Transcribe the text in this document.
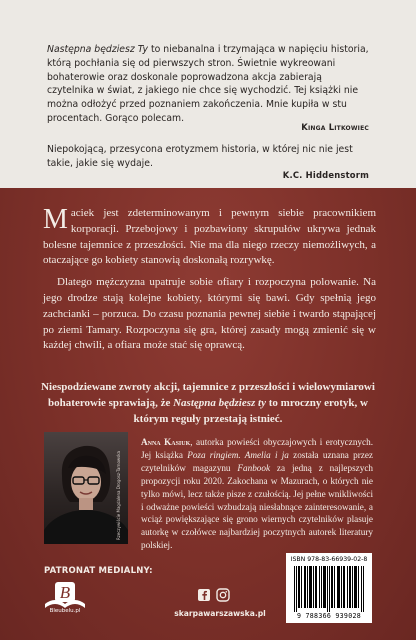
Następna będziesz Ty to niebanalna i trzymająca w napięciu historia, którą pochłania się od pierwszych stron. Świetnie wykreowani bohaterowie oraz doskonale poprowadzona akcja zabierają czytelnika w świat, z jakiego nie chce się wychodzić. Tej książki nie można odłożyć przed poznaniem zakończenia. Mnie kupiła w stu procentach. Gorąco polecam.
Kinga Litkowiec
Niepokojącą, przesycona erotyzmem historia, w której nic nie jest takie, jakie się wydaje.
K.C. Hiddenstorm

Maciek jest zdeterminowanym i pewnym siebie pracownikiem korporacji. Przebojowy i pozbawiony skrupułów ukrywa jednak bolesne tajemnice z przeszłości. Nie ma dla niego rzeczy niemożliwych, a otaczające go kobiety stanowią doskonałą rozrywkę.

Dlatego mężczyzna upatruje sobie ofiary i rozpoczyna polowanie. Na jego drodze stają kolejne kobiety, którymi się bawi. Gdy spełnią jego zachcianki – porzuca. Do czasu poznania pewnej siebie i twardo stąpającej po ziemi Tamary. Rozpoczyna się gra, której zasady mogą zmienić się w każdej chwili, a ofiara może stać się oprawcą.

Niespodziewane zwroty akcji, tajemnice z przeszłości i wielowymiarowi bohaterowie sprawiają, że Następna będziesz ty to mroczny erotyk, w którym reguły przestają istnieć.
Rzeczywiście Magdalena Drogosz-Tarnowska
Anna Kasiuk, autorka powieści obyczajowych i erotycznych. Jej książka Poza ringiem. Amelia i ja została uznana przez czytelników magazynu Fanbook za jedną z najlepszych propozycji roku 2020. Zakochana w Mazurach, o których nie tylko mówi, lecz także pisze z czułością. Jej pełne wnikliwości i odważne powieści wzbudzają niesłabnące zainteresowanie, a wciąż powiększające się grono wiernych czytelników plasuje autorkę w czołówce najbardziej poczytnych autorek literatury polskiej.
PATRONAT MEDIALNY:
B
Bleubelu.pl	skarpawarszawska.pl
ISBN 978-83-66939-02-8
9 788366 939028
